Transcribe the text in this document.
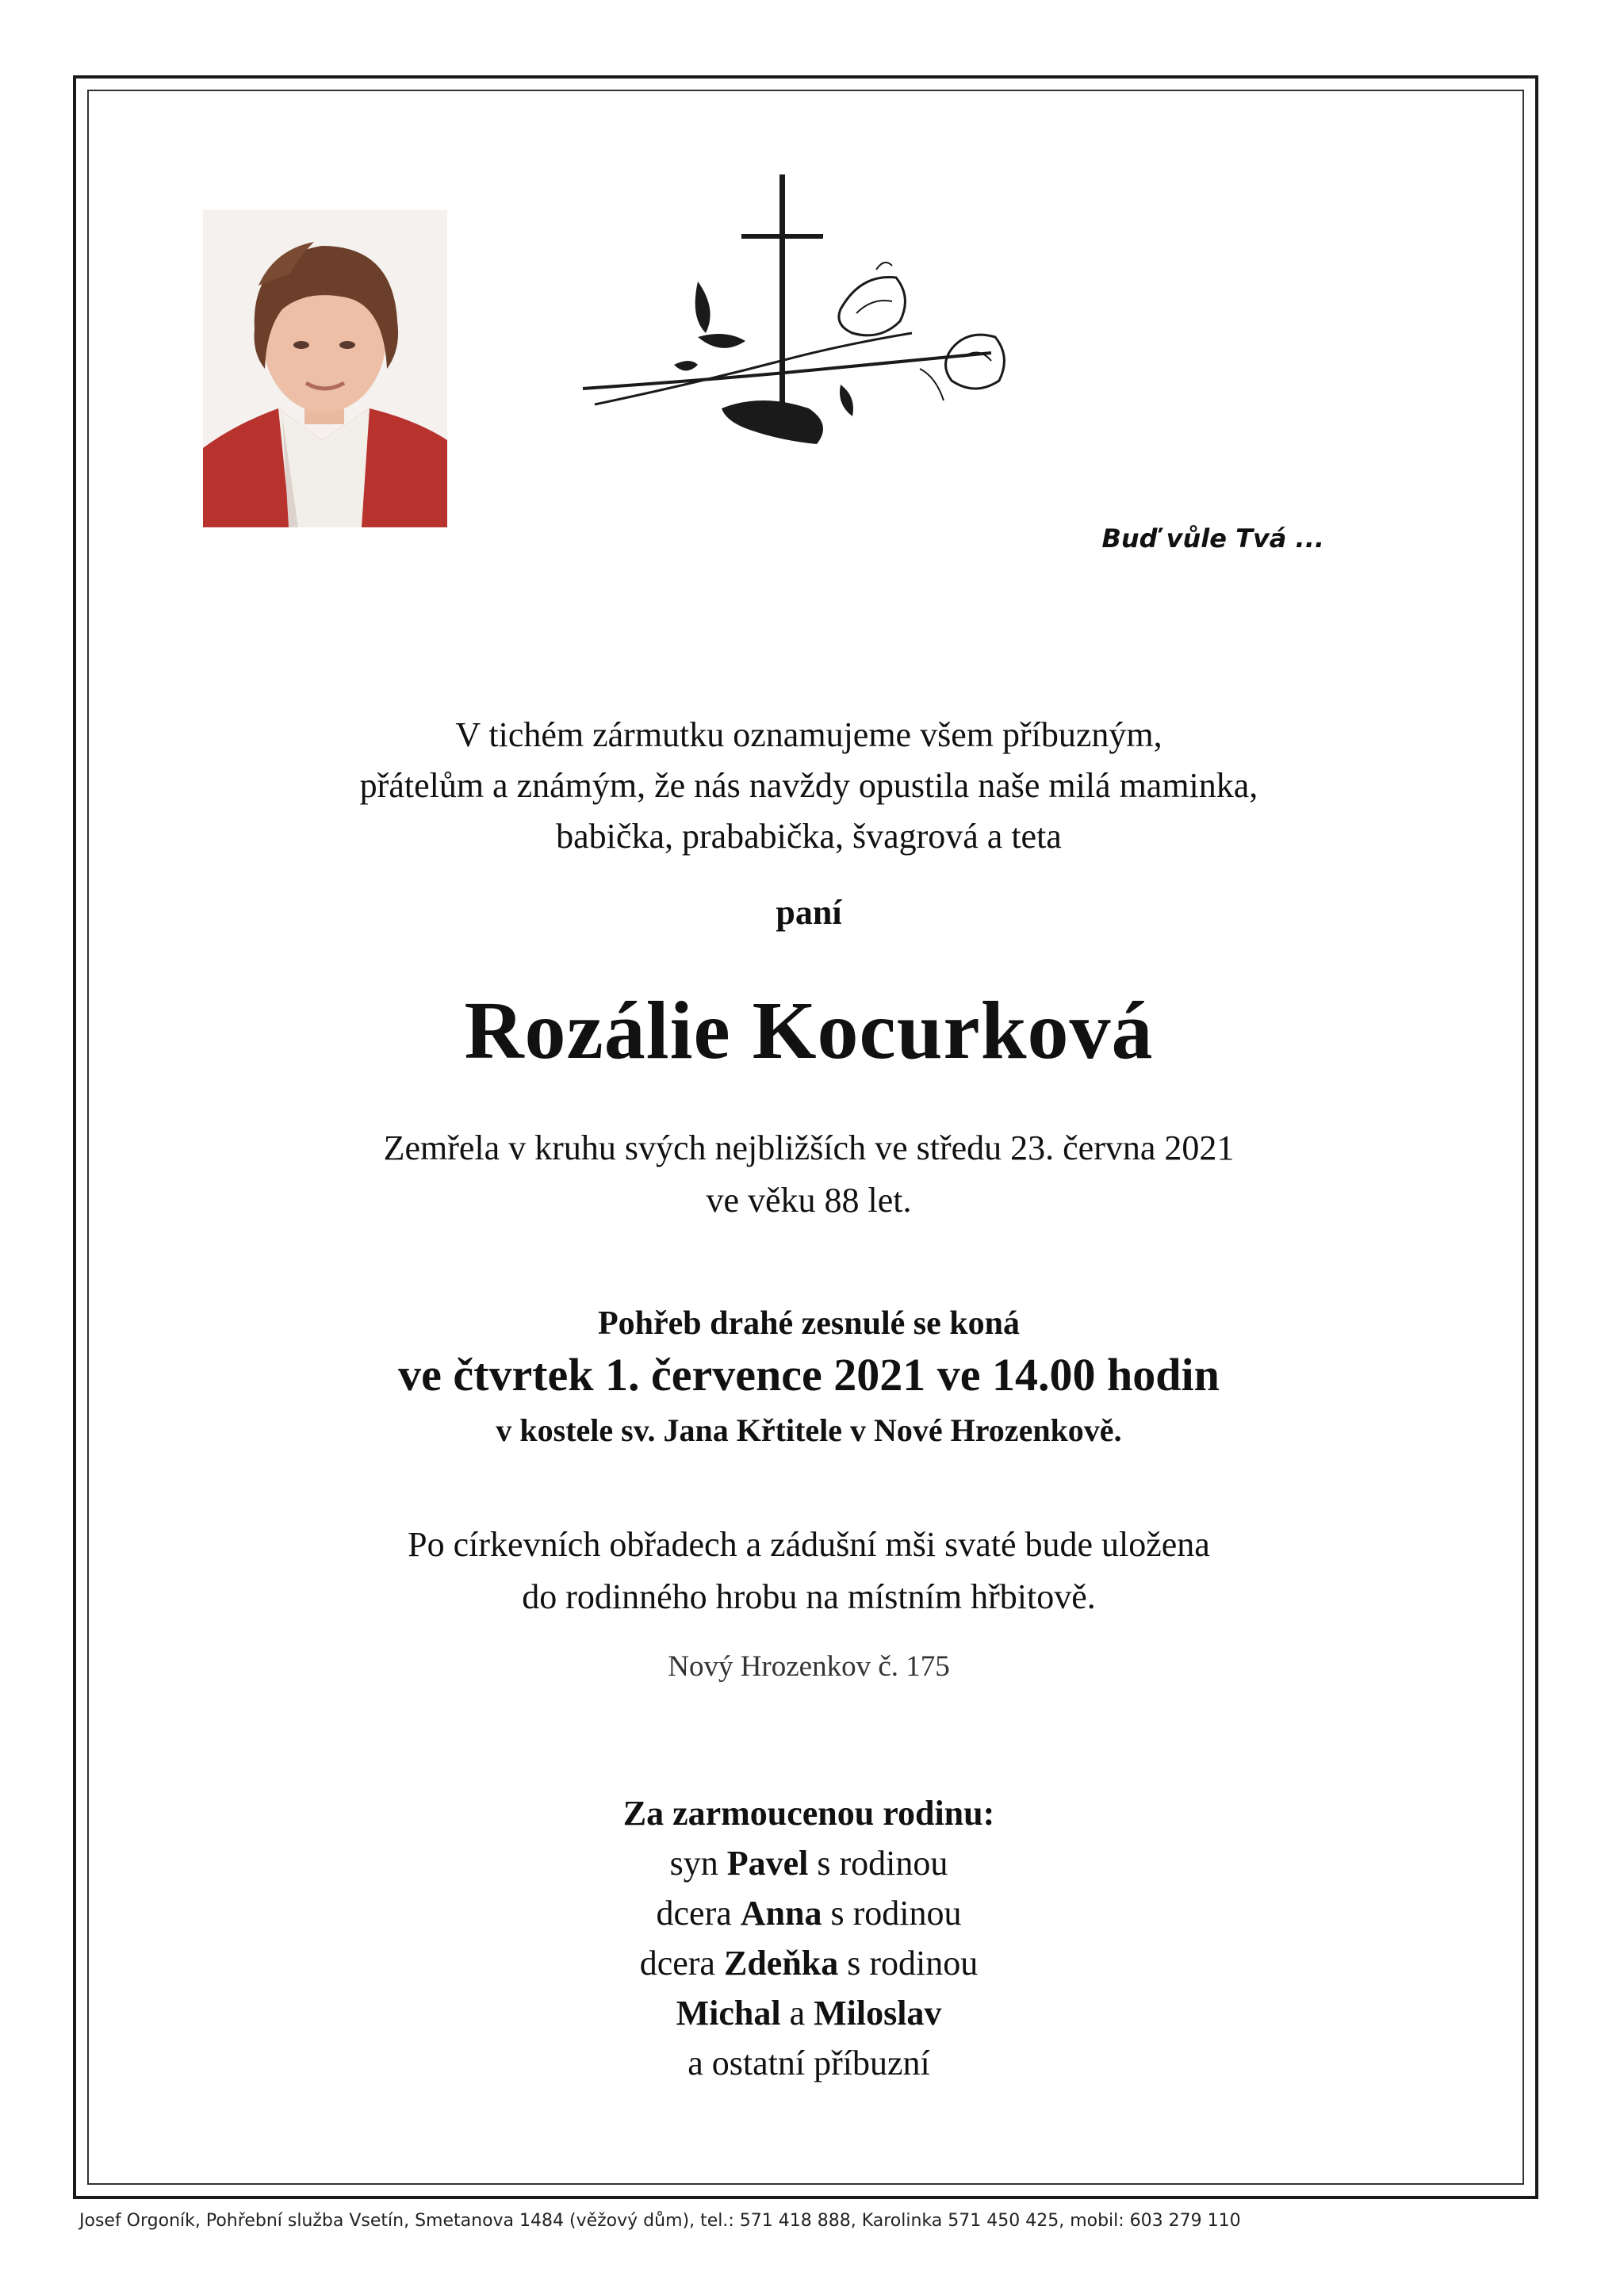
Buď vůle Tvá ...
V tichém zármutku oznamujeme všem příbuzným,
přátelům a známým, že nás navždy opustila naše milá maminka,
babička, prababička, švagrová a teta
paní
Rozálie Kocurková
Zemřela v kruhu svých nejbližších ve středu 23. června 2021
ve věku 88 let.
Pohřeb drahé zesnulé se koná
ve čtvrtek 1. července 2021 ve 14.00 hodin
v kostele sv. Jana Křtitele v Nové Hrozenkově.
Po církevních obřadech a zádušní mši svaté bude uložena
do rodinného hrobu na místním hřbitově.
Nový Hrozenkov č. 175
Za zarmoucenou rodinu:
syn Pavel s rodinou
dcera Anna s rodinou
dcera Zdeňka s rodinou
Michal a Miloslav
a ostatní příbuzní
Josef Orgoník, Pohřební služba Vsetín, Smetanova 1484 (věžový dům), tel.: 571 418 888, Karolinka 571 450 425, mobil: 603 279 110
